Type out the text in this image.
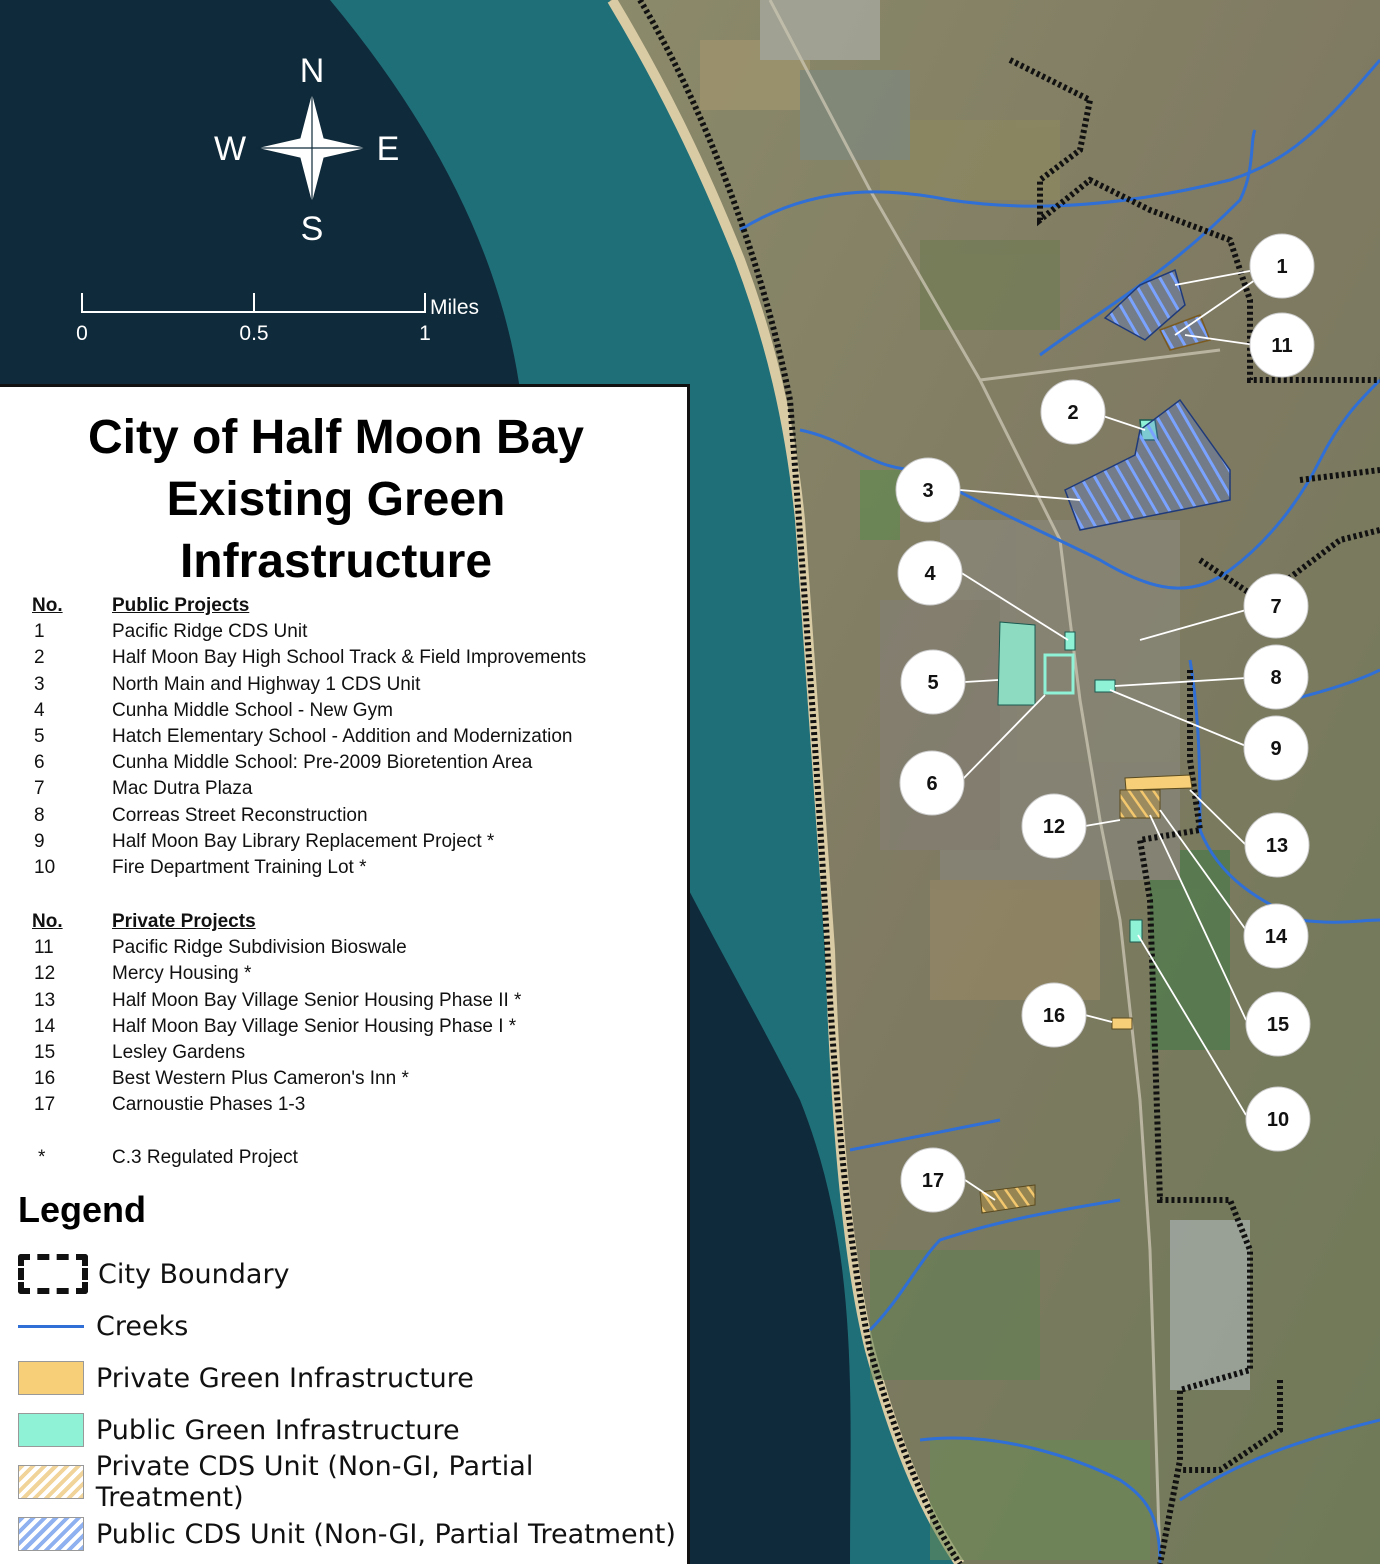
N
S
W	E
Miles
0	0.5	1
1
11
2
3
4
7
5	8
9
6
12
13
14
15
16
10
17
City of Half Moon Bay
Existing Green
Infrastructure
No.	Public Projects
1	Pacific Ridge CDS Unit
2	Half Moon Bay High School Track & Field Improvements
3	North Main and Highway 1 CDS Unit
4	Cunha Middle School - New Gym
5	Hatch Elementary School - Addition and Modernization
6	Cunha Middle School: Pre-2009 Bioretention Area
7	Mac Dutra Plaza
8	Correas Street Reconstruction
9	Half Moon Bay Library Replacement Project *
10	Fire Department Training Lot *
No.	Private Projects
11	Pacific Ridge Subdivision Bioswale
12	Mercy Housing *
13	Half Moon Bay Village Senior Housing Phase II *
14	Half Moon Bay Village Senior Housing Phase I *
15	Lesley Gardens
16	Best Western Plus Cameron's Inn *
17	Carnoustie Phases 1-3
*	C.3 Regulated Project
Legend
City Boundary
Creeks
Private Green Infrastructure
Public Green Infrastructure
Private CDS Unit (Non-GI, Partial Treatment)
Public CDS Unit (Non-GI, Partial Treatment)
